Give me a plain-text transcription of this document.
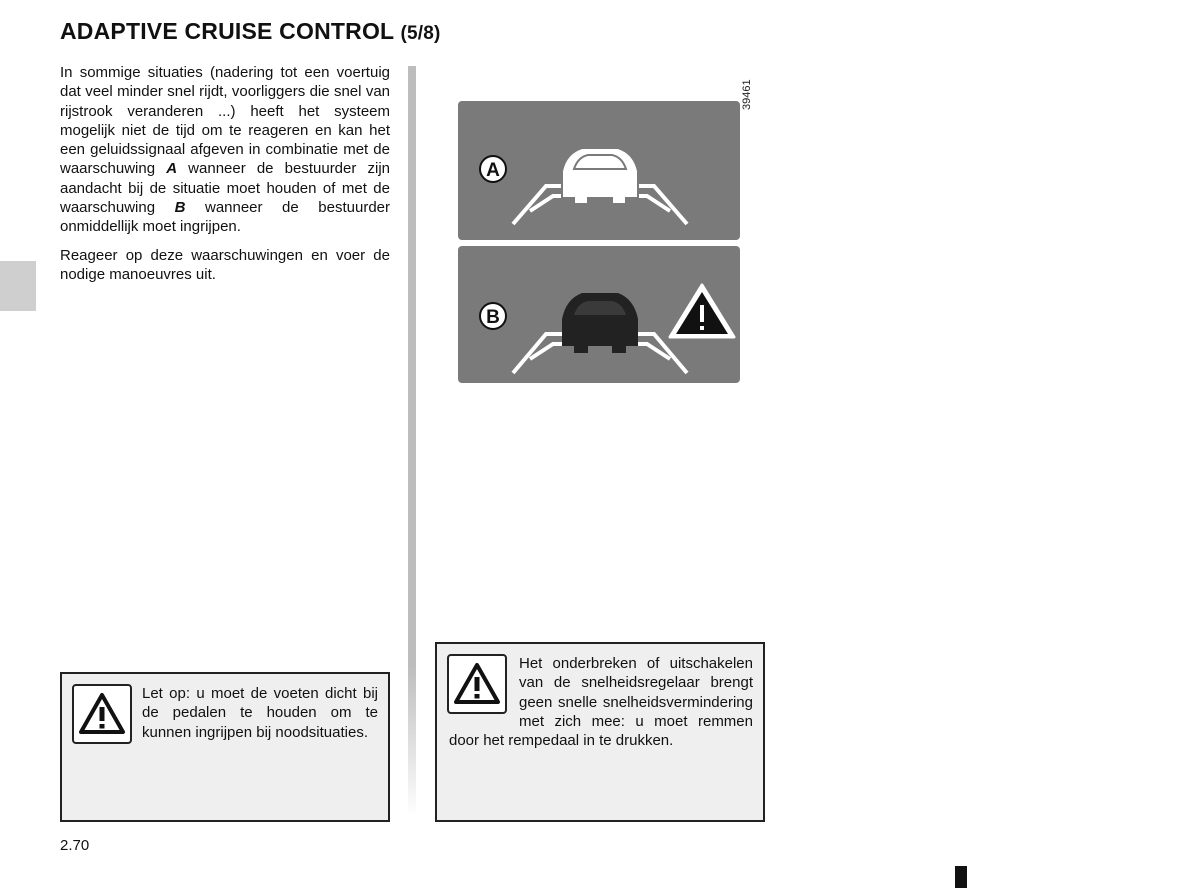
ADAPTIVE CRUISE CONTROL (5/8)

In sommige situaties (nadering tot een voertuig dat veel minder snel rijdt, voorliggers die snel van rijstrook veranderen ...) heeft het systeem mogelijk niet de tijd om te reageren en kan het een geluidssignaal afgeven in combinatie met de waarschuwing A wanneer de bestuurder zijn aandacht bij de situatie moet houden of met de waarschuwing B wanneer de bestuurder onmiddellijk moet ingrijpen.

Reageer op deze waarschuwingen en voer de nodige manoeuvres uit.

A
B
39461
Let op: u moet de voeten dicht bij de pedalen te houden om te kunnen ingrijpen bij noodsituaties.
Het onderbreken of uitschakelen van de snelheidsregelaar brengt geen snelle snelheidsvermindering met zich mee: u moet remmen door het rempedaal in te drukken.
2.70
